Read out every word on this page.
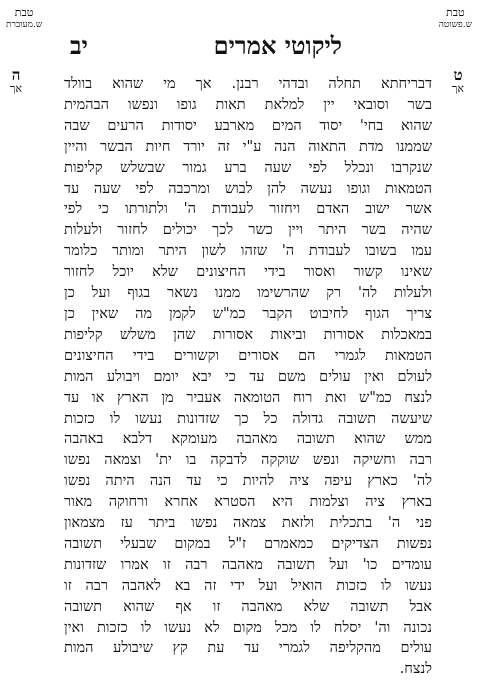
טבת
ש.מעוברת
טבת
ש.פשוטה
ליקוטי אמרים
יב
ה
אך
ט
אך
דבריחתא תחלה ובדהי רבנן. אך מי שהוא בוולד
בשר וסובאי יין למלאת תאות גופו ונפשו הבהמית
שהוא בחי' יסוד המים מארבע יסודות הרעים שבה
שממנו מדת התאוה הנה ע"י זה יורד חיות הבשר והיין
שנקרבו ונכלל לפי שעה ברע גמור שבשלש קליפות
הטמאות וגופו נעשה להן לבוש ומרכבה לפי שעה עד
אשר ישוב האדם ויחזור לעבודת ה' ולתורתו כי לפי
שהיה בשר היתר ויין כשר לכך יכולים לחזור ולעלות
עמו בשובו לעבודת ה' שזהו לשון היתר ומותר כלומר
שאינו קשור ואסור בידי החיצונים שלא יוכל לחזור
ולעלות לה' רק שהרשימו ממנו נשאר בגוף ועל כן
צריך הגוף לחיבוט הקבר כמ"ש לקמן מה שאין כן
במאכלות אסורות וביאות אסורות שהן משלש קליפות
הטמאות לגמרי הם אסורים וקשורים בידי החיצונים
לעולם ואין עולים משם עד כי יבא יומם ויבולע המות
לנצח כמ"ש ואת רוח הטומאה אעביר מן הארץ או עד
שיעשה תשובה גדולה כל כך שזדונות נעשו לו כזכות
ממש שהוא תשובה מאהבה מעומקא דלבא באהבה
רבה וחשיקה ונפש שוקקה לדבקה בו ית' וצמאה נפשו
לה' כארץ עיפה ציה להיות כי עד הנה היתה נפשו
בארץ ציה וצלמות היא הסטרא אחרא ורחוקה מאור
פני ה' בתכלית ולזאת צמאה נפשו ביתר עז מצמאון
נפשות הצדיקים כמאמרם ז"ל במקום שבעלי תשובה
עומדים כו' ועל תשובה מאהבה רבה זו אמרו שזדונות
נעשו לו כזכות הואיל ועל ידי זה בא לאהבה רבה זו
אבל תשובה שלא מאהבה זו אף שהוא תשובה
נכונה וה' יסלח לו מכל מקום לא נעשו לו כזכות ואין
עולים מהקליפה לגמרי עד עת קץ שיבולע המות
לנצח.
